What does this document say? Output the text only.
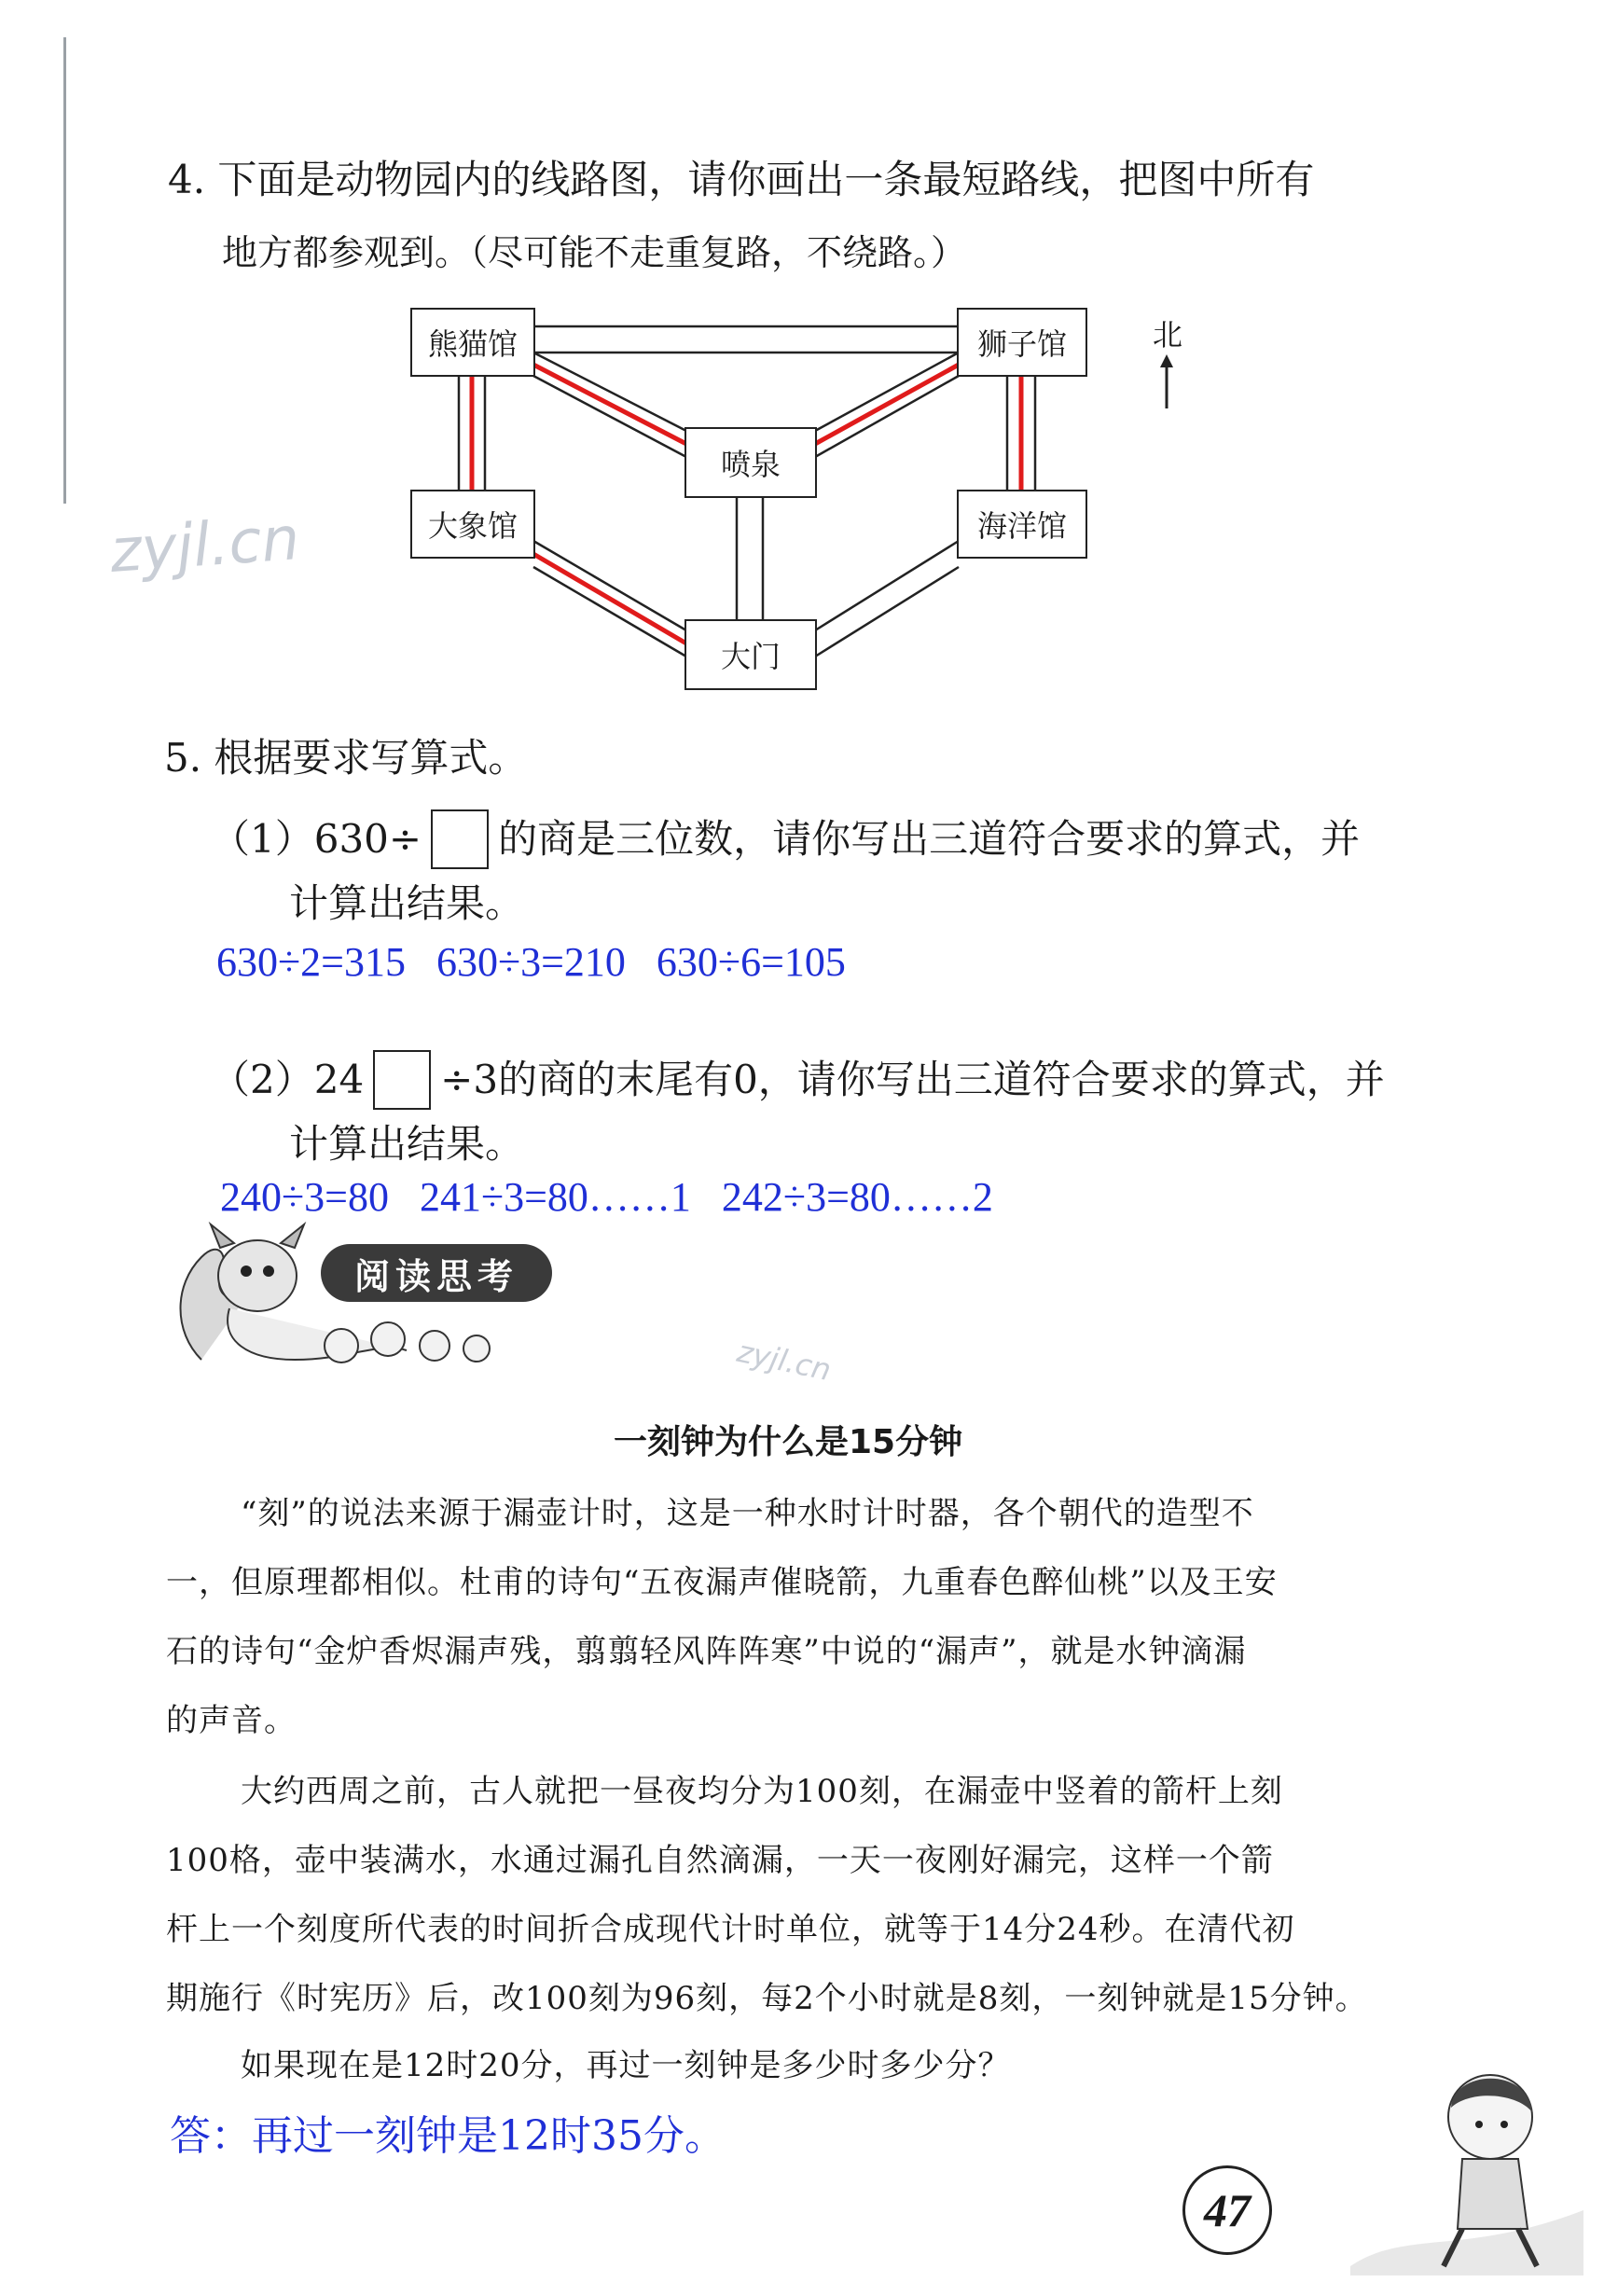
4. 下面是动物园内的线路图，请你画出一条最短路线，把图中所有
地方都参观到。（尽可能不走重复路，不绕路。）
熊猫馆	狮子馆
喷泉
大象馆	海洋馆
大门
北
zyjl.cn
5. 根据要求写算式。
（1）630÷ 的商是三位数，请你写出三道符合要求的算式，并
计算出结果。
630÷2=315   630÷3=210   630÷6=105
（2）24 ÷3的商的末尾有0，请你写出三道符合要求的算式，并
计算出结果。
240÷3=80   241÷3=80……1   242÷3=80……2
阅读思考
zyjl.cn
一刻钟为什么是15分钟
“刻”的说法来源于漏壶计时，这是一种水时计时器，各个朝代的造型不
一，但原理都相似。杜甫的诗句“五夜漏声催晓箭，九重春色醉仙桃”以及王安
石的诗句“金炉香烬漏声残，翦翦轻风阵阵寒”中说的“漏声”，就是水钟滴漏
的声音。
大约西周之前，古人就把一昼夜均分为100刻，在漏壶中竖着的箭杆上刻
100格，壶中装满水，水通过漏孔自然滴漏，一天一夜刚好漏完，这样一个箭
杆上一个刻度所代表的时间折合成现代计时单位，就等于14分24秒。在清代初
期施行《时宪历》后，改100刻为96刻，每2个小时就是8刻，一刻钟就是15分钟。
如果现在是12时20分，再过一刻钟是多少时多少分？
答：再过一刻钟是12时35分。
47
